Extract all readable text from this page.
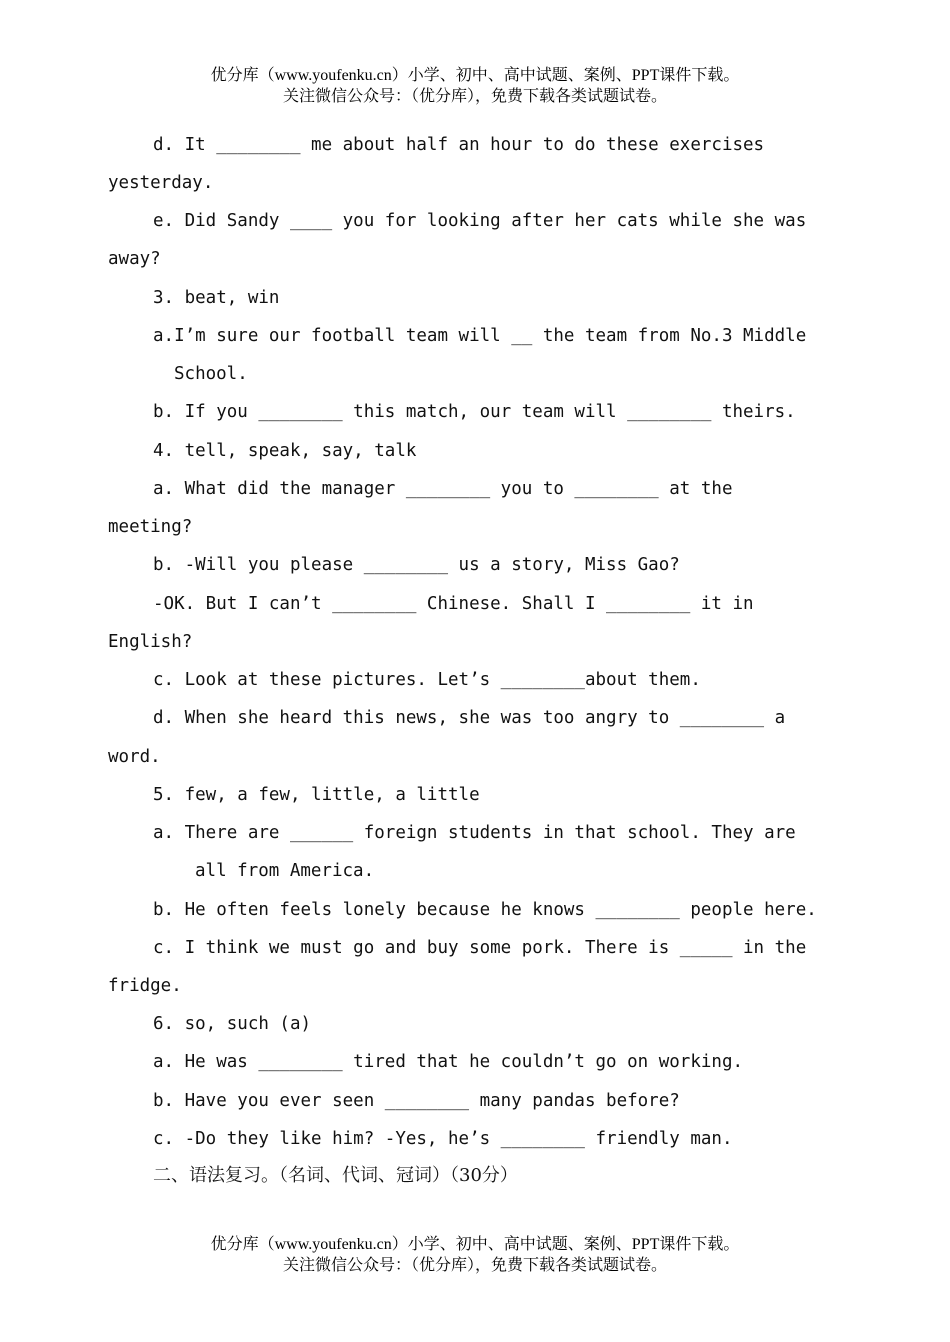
优分库（www.youfenku.cn）小学、初中、高中试题、案例、PPT课件下载。
关注微信公众号：（优分库），免费下载各类试题试卷。
d. It ________ me about half an hour to do these exercises
yesterday.
e. Did Sandy ____ you for looking after her cats while she was
away?
3. beat, win
a.I’m sure our football team will __ the team from No.3 Middle
School.
b. If you ________ this match, our team will ________ theirs.
4. tell, speak, say, talk
a. What did the manager ________ you to ________ at the
meeting?
b. -Will you please ________ us a story, Miss Gao?
-OK. But I can’t ________ Chinese. Shall I ________ it in
English?
c. Look at these pictures. Let’s ________about them.
d. When she heard this news, she was too angry to ________ a
word.
5. few, a few, little, a little
a. There are ______ foreign students in that school. They are
all from America.
b. He often feels lonely because he knows ________ people here.
c. I think we must go and buy some pork. There is _____ in the
fridge.
6. so, such (a)
a. He was ________ tired that he couldn’t go on working.
b. Have you ever seen ________ many pandas before?
c. -Do they like him? -Yes, he’s ________ friendly man.
二、语法复习。（名词、代词、冠词）（30分）
优分库（www.youfenku.cn）小学、初中、高中试题、案例、PPT课件下载。
关注微信公众号：（优分库），免费下载各类试题试卷。
